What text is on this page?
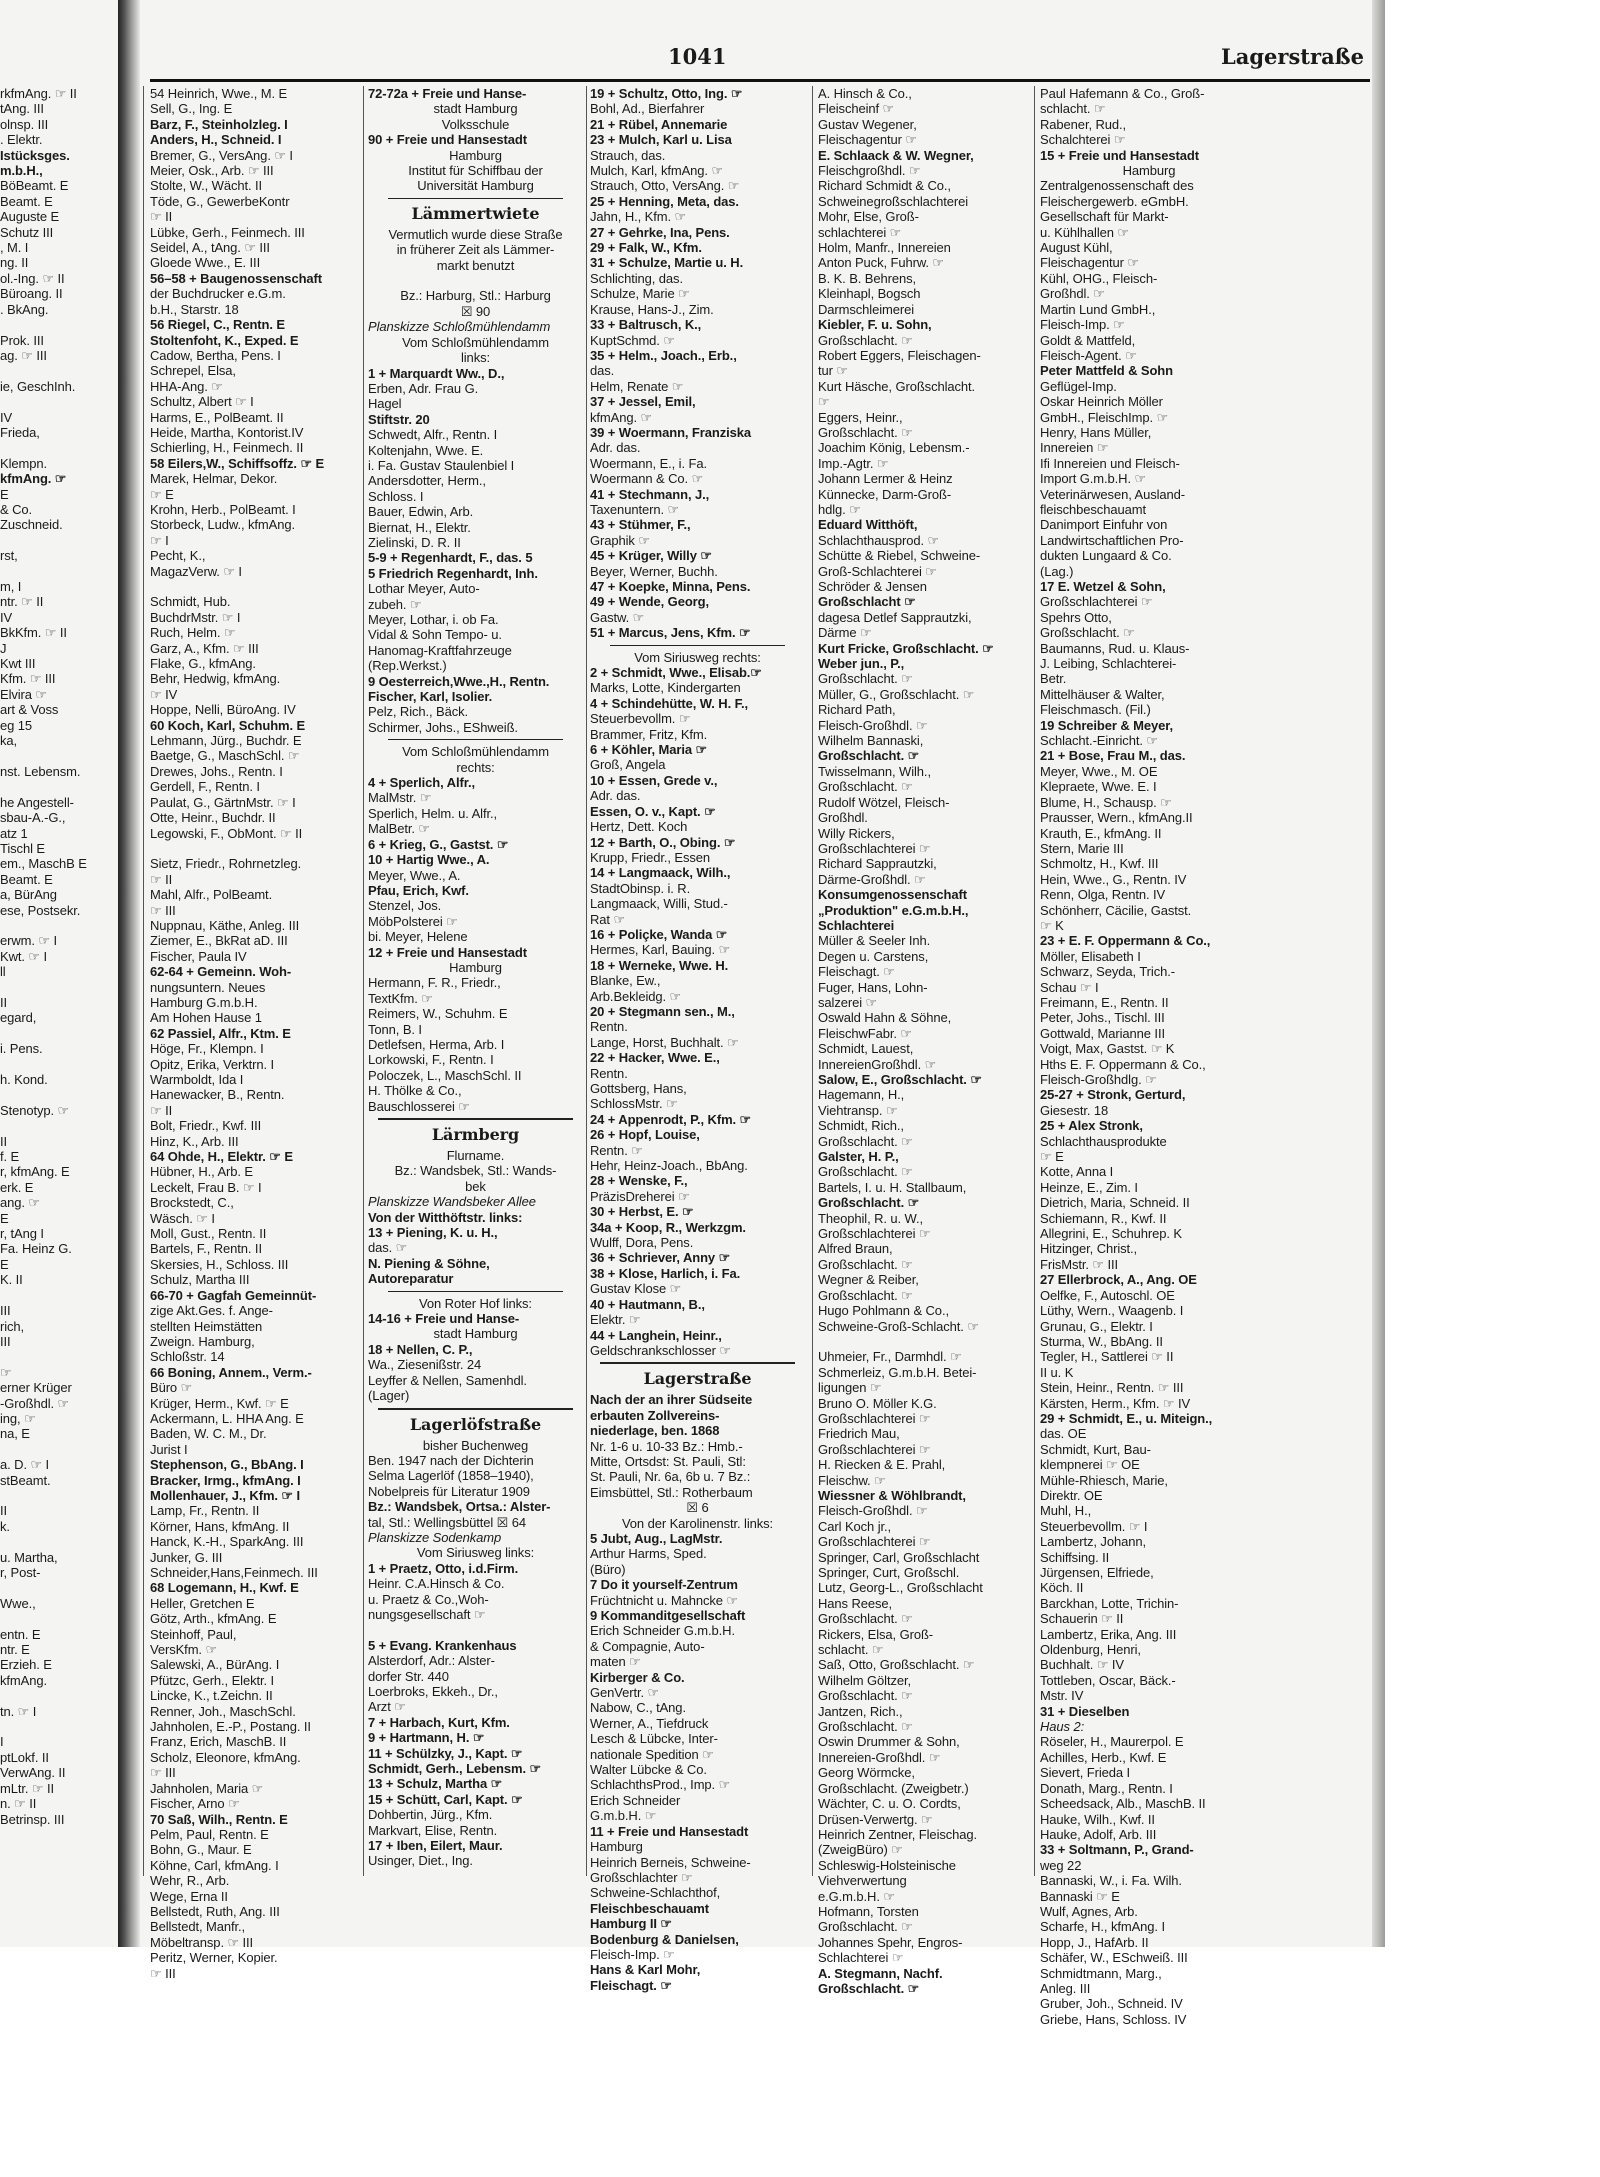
1041	Lagerstraße
rkfmAng. ☞ II
tAng. III
olnsp. III
. Elektr.
Istücksges.
m.b.H.,
BöBeamt. E
Beamt. E
Auguste E
Schutz III
, M. I
ng. II
ol.-Ing. ☞ II
Büroang. II
. BkAng.

Prok. III
ag. ☞ III

ie, GeschInh.

IV
Frieda,

Klempn.
kfmAng. ☞
E
& Co.
Zuschneid.

rst,

m, I
ntr. ☞ II
IV
BkKfm. ☞ II
J
Kwt III
Kfm. ☞ III
Elvira ☞
art & Voss
eg 15
ka,

nst. Lebensm.

he Angestell-
sbau-A.-G.,
atz 1
Tischl E
em., MaschB E
Beamt. E
a, BürAng
ese, Postsekr.

erwm. ☞ I
Kwt. ☞ I
ll

II
egard,

i. Pens.

h. Kond.

Stenotyp. ☞

II
f. E
r, kfmAng. E
erk. E
ang. ☞
E
r, tAng I
Fa. Heinz G.
E
K. II

III
rich,
III

☞
erner Krüger
-Großhdl. ☞
ing, ☞
na, E

a. D. ☞ I
stBeamt.

II
k.

u. Martha,
r, Post-

Wwe.,

entn. E
ntr. E
Erzieh. E
kfmAng.

tn. ☞ I

I
ptLokf. II
VerwAng. II
mLtr. ☞ II
n. ☞ II
Betrinsp. III
54 Heinrich, Wwe., M. E
Sell, G., Ing. E
Barz, F., Steinholzleg. I
Anders, H., Schneid. I
Bremer, G., VersAng. ☞ I
Meier, Osk., Arb. ☞ III
Stolte, W., Wächt. II
Töde, G., GewerbeKontr
☞ II
Lübke, Gerh., Feinmech. III
Seidel, A., tAng. ☞ III
Gloede Wwe., E. III
56–58 + Baugenossenschaft
der Buchdrucker e.G.m.
b.H., Starstr. 18
56 Riegel, C., Rentn. E
Stoltenfoht, K., Exped. E
Cadow, Bertha, Pens. I
Schrepel, Elsa,
HHA-Ang. ☞
Schultz, Albert ☞ I
Harms, E., PolBeamt. II
Heide, Martha, Kontorist.IV
Schierling, H., Feinmech. II
58 Eilers,W., Schiffsoffz. ☞ E
Marek, Helmar, Dekor.
☞ E
Krohn, Herb., PolBeamt. I
Storbeck, Ludw., kfmAng.
☞ I
Pecht, K.,
MagazVerw. ☞ I

Schmidt, Hub.
BuchdrMstr. ☞ I
Ruch, Helm. ☞
Garz, A., Kfm. ☞ III
Flake, G., kfmAng.
Behr, Hedwig, kfmAng.
☞ IV
Hoppe, Nelli, BüroAng. IV
60 Koch, Karl, Schuhm. E
Lehmann, Jürg., Buchdr. E
Baetge, G., MaschSchl. ☞
Drewes, Johs., Rentn. I
Gerdell, F., Rentn. I
Paulat, G., GärtnMstr. ☞ I
Otte, Heinr., Buchdr. II
Legowski, F., ObMont. ☞ II

Sietz, Friedr., Rohrnetzleg.
☞ II
Mahl, Alfr., PolBeamt.
☞ III
Nuppnau, Käthe, Anleg. III
Ziemer, E., BkRat aD. III
Fischer, Paula IV
62-64 + Gemeinn. Woh-
nungsuntern. Neues
Hamburg G.m.b.H.
Am Hohen Hause 1
62 Passiel, Alfr., Ktm. E
Höge, Fr., Klempn. I
Opitz, Erika, Verktrn. I
Warmboldt, Ida I
Hanewacker, B., Rentn.
☞ II
Bolt, Friedr., Kwf. III
Hinz, K., Arb. III
64 Ohde, H., Elektr. ☞ E
Hübner, H., Arb. E
Leckelt, Frau B. ☞ I
Brockstedt, C.,
Wäsch. ☞ I
Moll, Gust., Rentn. II
Bartels, F., Rentn. II
Skersies, H., Schloss. III
Schulz, Martha III
66-70 + Gagfah Gemeinnüt-
zige Akt.Ges. f. Ange-
stellten Heimstätten
Zweign. Hamburg,
Schloßstr. 14
66 Boning, Annem., Verm.-
Büro ☞
Krüger, Herm., Kwf. ☞ E
Ackermann, L. HHA Ang. E
Baden, W. C. M., Dr.
Jurist I
Stephenson, G., BbAng. I
Bracker, Irmg., kfmAng. I
Mollenhauer, J., Kfm. ☞ I
Lamp, Fr., Rentn. II
Körner, Hans, kfmAng. II
Hanck, K.-H., SparkAng. III
Junker, G. III
Schneider,Hans,Feinmech. III
68 Logemann, H., Kwf. E
Heller, Gretchen E
Götz, Arth., kfmAng. E
Steinhoff, Paul,
VersKfm. ☞
Salewski, A., BürAng. I
Pfützc, Gerh., Elektr. I
Lincke, K., t.Zeichn. II
Renner, Joh., MaschSchl.
Jahnholen, E.-P., Postang. II
Franz, Erich, MaschB. II
Scholz, Eleonore, kfmAng.
☞ III
Jahnholen, Maria ☞
Fischer, Arno ☞
70 Saß, Wilh., Rentn. E
Pelm, Paul, Rentn. E
Bohn, G., Maur. E
Köhne, Carl, kfmAng. I
Wehr, R., Arb.
Wege, Erna II
Bellstedt, Ruth, Ang. III
Bellstedt, Manfr.,
Möbeltransp. ☞ III
Peritz, Werner, Kopier.
☞ III
72-72a + Freie und Hanse-
stadt Hamburg
Volksschule
90 + Freie und Hansestadt
Hamburg
Institut für Schiffbau der
Universität Hamburg
Lämmertwiete
Vermutlich wurde diese Straße
in früherer Zeit als Lämmer-
markt benutzt

Bz.: Harburg, Stl.: Harburg
☒ 90
Planskizze Schloßmühlendamm
Vom Schloßmühlendamm
links:
1 + Marquardt Ww., D.,
Erben, Adr. Frau G.
Hagel
Stiftstr. 20
Schwedt, Alfr., Rentn. I
Koltenjahn, Wwe. E.
i. Fa. Gustav Staulenbiel I
Andersdotter, Herm.,
Schloss. I
Bauer, Edwin, Arb.
Biernat, H., Elektr.
Zielinski, D. R. II
5-9 + Regenhardt, F., das. 5
5 Friedrich Regenhardt, Inh.
Lothar Meyer, Auto-
zubeh. ☞
Meyer, Lothar, i. ob Fa.
Vidal & Sohn Tempo- u.
Hanomag-Kraftfahrzeuge
(Rep.Werkst.)
9 Oesterreich,Wwe.,H., Rentn.
Fischer, Karl, Isolier.
Pelz, Rich., Bäck.
Schirmer, Johs., EShweiß.
Vom Schloßmühlendamm
rechts:
4 + Sperlich, Alfr.,
MalMstr. ☞
Sperlich, Helm. u. Alfr.,
MalBetr. ☞
6 + Krieg, G., Gastst. ☞
10 + Hartig Wwe., A.
Meyer, Wwe., A.
Pfau, Erich, Kwf.
Stenzel, Jos.
MöbPolsterei ☞
bi. Meyer, Helene
12 + Freie und Hansestadt
Hamburg
Hermann, F. R., Friedr.,
TextKfm. ☞
Reimers, W., Schuhm. E
Tonn, B. I
Detlefsen, Herma, Arb. I
Lorkowski, F., Rentn. I
Poloczek, L., MaschSchl. II
H. Thölke & Co.,
Bauschlosserei ☞
Lärmberg
Flurname.
Bz.: Wandsbek, Stl.: Wands-
bek
Planskizze Wandsbeker Allee
Von der Witthöftstr. links:
13 + Piening, K. u. H.,
das. ☞
N. Piening & Söhne,
Autoreparatur
Von Roter Hof links:
14-16 + Freie und Hanse-
stadt Hamburg
18 + Nellen, C. P.,
Wa., Ziesenißstr. 24
Leyffer & Nellen, Samenhdl.
(Lager)
Lagerlöfstraße
bisher Buchenweg
Ben. 1947 nach der Dichterin
Selma Lagerlöf (1858–1940),
Nobelpreis für Literatur 1909
Bz.: Wandsbek, Ortsa.: Alster-
tal, Stl.: Wellingsbüttel ☒ 64
Planskizze Sodenkamp
Vom Siriusweg links:
1 + Praetz, Otto, i.d.Firm.
Heinr. C.A.Hinsch & Co.
u. Praetz & Co.,Woh-
nungsgesellschaft ☞

5 + Evang. Krankenhaus
Alsterdorf, Adr.: Alster-
dorfer Str. 440
Loerbroks, Ekkeh., Dr.,
Arzt ☞
7 + Harbach, Kurt, Kfm.
9 + Hartmann, H. ☞
11 + Schülzky, J., Kapt. ☞
Schmidt, Gerh., Lebensm. ☞
13 + Schulz, Martha ☞
15 + Schütt, Carl, Kapt. ☞
Dohbertin, Jürg., Kfm.
Markvart, Elise, Rentn.
17 + Iben, Eilert, Maur.
Usinger, Diet., Ing.
19 + Schultz, Otto, Ing. ☞
Bohl, Ad., Bierfahrer
21 + Rübel, Annemarie
23 + Mulch, Karl u. Lisa
Strauch, das.
Mulch, Karl, kfmAng. ☞
Strauch, Otto, VersAng. ☞
25 + Henning, Meta, das.
Jahn, H., Kfm. ☞
27 + Gehrke, Ina, Pens.
29 + Falk, W., Kfm.
31 + Schulze, Martie u. H.
Schlichting, das.
Schulze, Marie ☞
Krause, Hans-J., Zim.
33 + Baltrusch, K.,
KuptSchmd. ☞
35 + Helm., Joach., Erb.,
das.
Helm, Renate ☞
37 + Jessel, Emil,
kfmAng. ☞
39 + Woermann, Franziska
Adr. das.
Woermann, E., i. Fa.
Woermann & Co. ☞
41 + Stechmann, J.,
Taxenuntern. ☞
43 + Stühmer, F.,
Graphik ☞
45 + Krüger, Willy ☞
Beyer, Werner, Buchh.
47 + Koepke, Minna, Pens.
49 + Wende, Georg,
Gastw. ☞
51 + Marcus, Jens, Kfm. ☞
Vom Siriusweg rechts:
2 + Schmidt, Wwe., Elisab.☞
Marks, Lotte, Kindergarten
4 + Schindehütte, W. H. F.,
Steuerbevollm. ☞
Brammer, Fritz, Kfm.
6 + Köhler, Maria ☞
Groß, Angela
10 + Essen, Grede v.,
Adr. das.
Essen, O. v., Kapt. ☞
Hertz, Dett. Koch
12 + Barth, O., Obing. ☞
Krupp, Friedr., Essen
14 + Langmaack, Wilh.,
StadtObinsp. i. R.
Langmaack, Willi, Stud.-
Rat ☞
16 + Poliçke, Wanda ☞
Hermes, Karl, Bauing. ☞
18 + Werneke, Wwe. H.
Blanke, Ew.,
Arb.Bekleidg. ☞
20 + Stegmann sen., M.,
Rentn.
Lange, Horst, Buchhalt. ☞
22 + Hacker, Wwe. E.,
Rentn.
Gottsberg, Hans,
SchlossMstr. ☞
24 + Appenrodt, P., Kfm. ☞
26 + Hopf, Louise,
Rentn. ☞
Hehr, Heinz-Joach., BbAng.
28 + Wenske, F.,
PräzisDreherei ☞
30 + Herbst, E. ☞
34a + Koop, R., Werkzgm.
Wulff, Dora, Pens.
36 + Schriever, Anny ☞
38 + Klose, Harlich, i. Fa.
Gustav Klose ☞
40 + Hautmann, B.,
Elektr. ☞
44 + Langhein, Heinr.,
Geldschrankschlosser ☞
Lagerstraße
Nach der an ihrer Südseite
erbauten Zollvereins-
niederlage, ben. 1868
Nr. 1-6 u. 10-33 Bz.: Hmb.-
Mitte, Ortsdst: St. Pauli, Stl:
St. Pauli, Nr. 6a, 6b u. 7 Bz.:
Eimsbüttel, Stl.: Rotherbaum
☒ 6
Von der Karolinenstr. links:
5 Jubt, Aug., LagMstr.
Arthur Harms, Sped.
(Büro)
7 Do it yourself-Zentrum
Früchtnicht u. Mahncke ☞
9 Kommanditgesellschaft
Erich Schneider G.m.b.H.
& Compagnie, Auto-
maten ☞
Kirberger & Co.
GenVertr. ☞
Nabow, C., tAng.
Werner, A., Tiefdruck
Lesch & Lübcke, Inter-
nationale Spedition ☞
Walter Lübcke & Co.
SchlachthsProd., Imp. ☞
Erich Schneider
G.m.b.H. ☞
11 + Freie und Hansestadt
Hamburg
Heinrich Berneis, Schweine-
Großschlachter ☞
Schweine-Schlachthof,
Fleischbeschauamt
Hamburg II ☞
Bodenburg & Danielsen,
Fleisch-Imp. ☞
Hans & Karl Mohr,
Fleischagt. ☞
A. Hinsch & Co.,
Fleischeinf ☞
Gustav Wegener,
Fleischagentur ☞
E. Schlaack & W. Wegner,
Fleischgroßhdl. ☞
Richard Schmidt & Co.,
Schweinegroßschlachterei
Mohr, Else, Groß-
schlachterei ☞
Holm, Manfr., Innereien
Anton Puck, Fuhrw. ☞
B. K. B. Behrens,
Kleinhapl, Bogsch
Darmschleimerei
Kiebler, F. u. Sohn,
Großschlacht. ☞
Robert Eggers, Fleischagen-
tur ☞
Kurt Häsche, Großschlacht.
☞
Eggers, Heinr.,
Großschlacht. ☞
Joachim König, Lebensm.-
Imp.-Agtr. ☞
Johann Lermer & Heinz
Künnecke, Darm-Groß-
hdlg. ☞
Eduard Witthöft,
Schlachthausprod. ☞
Schütte & Riebel, Schweine-
Groß-Schlachterei ☞
Schröder & Jensen
Großschlacht ☞
dagesa Detlef Sapprautzki,
Därme ☞
Kurt Fricke, Großschlacht. ☞
Weber jun., P.,
Großschlacht. ☞
Müller, G., Großschlacht. ☞
Richard Path,
Fleisch-Großhdl. ☞
Wilhelm Bannaski,
Großschlacht. ☞
Twisselmann, Wilh.,
Großschlacht. ☞
Rudolf Wötzel, Fleisch-
Großhdl.
Willy Rickers,
Großschlachterei ☞
Richard Sapprautzki,
Därme-Großhdl. ☞
Konsumgenossenschaft
„Produktion" e.G.m.b.H.,
Schlachterei
Müller & Seeler Inh.
Degen u. Carstens,
Fleischagt. ☞
Fuger, Hans, Lohn-
salzerei ☞
Oswald Hahn & Söhne,
FleischwFabr. ☞
Schmidt, Lauest,
InnereienGroßhdl. ☞
Salow, E., Großschlacht. ☞
Hagemann, H.,
Viehtransp. ☞
Schmidt, Rich.,
Großschlacht. ☞
Galster, H. P.,
Großschlacht. ☞
Bartels, I. u. H. Stallbaum,
Großschlacht. ☞
Theophil, R. u. W.,
Großschlachterei ☞
Alfred Braun,
Großschlacht. ☞
Wegner & Reiber,
Großschlacht. ☞
Hugo Pohlmann & Co.,
Schweine-Groß-Schlacht. ☞

Uhmeier, Fr., Darmhdl. ☞
Schmerleiz, G.m.b.H. Betei-
ligungen ☞
Bruno O. Möller K.G.
Großschlachterei ☞
Friedrich Mau,
Großschlachterei ☞
H. Riecken & E. Prahl,
Fleischw. ☞
Wiessner & Wöhlbrandt,
Fleisch-Großhdl. ☞
Carl Koch jr.,
Großschlachterei ☞
Springer, Carl, Großschlacht
Springer, Curt, Großschl.
Lutz, Georg-L., Großschlacht
Hans Reese,
Großschlacht. ☞
Rickers, Elsa, Groß-
schlacht. ☞
Saß, Otto, Großschlacht. ☞
Wilhelm Göltzer,
Großschlacht. ☞
Jantzen, Rich.,
Großschlacht. ☞
Oswin Drummer & Sohn,
Innereien-Großhdl. ☞
Georg Wörmcke,
Großschlacht. (Zweigbetr.)
Wächter, C. u. O. Cordts,
Drüsen-Verwertg. ☞
Heinrich Zentner, Fleischag.
(ZweigBüro) ☞
Schleswig-Holsteinische
Viehverwertung
e.G.m.b.H. ☞
Hofmann, Torsten
Großschlacht. ☞
Johannes Spehr, Engros-
Schlachterei ☞
A. Stegmann, Nachf.
Großschlacht. ☞
Paul Hafemann & Co., Groß-
schlacht. ☞
Rabener, Rud.,
Schalchterei ☞
15 + Freie und Hansestadt
Hamburg
Zentralgenossenschaft des
Fleischergewerb. eGmbH.
Gesellschaft für Markt-
u. Kühlhallen ☞
August Kühl,
Fleischagentur ☞
Kühl, OHG., Fleisch-
Großhdl. ☞
Martin Lund GmbH.,
Fleisch-Imp. ☞
Goldt & Mattfeld,
Fleisch-Agent. ☞
Peter Mattfeld & Sohn
Geflügel-Imp.
Oskar Heinrich Möller
GmbH., FleischImp. ☞
Henry, Hans Müller,
Innereien ☞
Ifi Innereien und Fleisch-
Import G.m.b.H. ☞
Veterinärwesen, Ausland-
fleischbeschauamt
Danimport Einfuhr von
Landwirtschaftlichen Pro-
dukten Lungaard & Co.
(Lag.)
17 E. Wetzel & Sohn,
Großschlachterei ☞
Spehrs Otto,
Großschlacht. ☞
Baumanns, Rud. u. Klaus-
J. Leibing, Schlachterei-
Betr.
Mittelhäuser & Walter,
Fleischmasch. (Fil.)
19 Schreiber & Meyer,
Schlacht.-Einricht. ☞
21 + Bose, Frau M., das.
Meyer, Wwe., M. OE
Klepraete, Wwe. E. I
Blume, H., Schausp. ☞
Prausser, Wern., kfmAng.II
Krauth, E., kfmAng. II
Stern, Marie III
Schmoltz, H., Kwf. III
Hein, Wwe., G., Rentn. IV
Renn, Olga, Rentn. IV
Schönherr, Cäcilie, Gastst.
☞ K
23 + E. F. Oppermann & Co.,
Möller, Elisabeth I
Schwarz, Seyda, Trich.-
Schau ☞ I
Freimann, E., Rentn. II
Peter, Johs., Tischl. III
Gottwald, Marianne III
Voigt, Max, Gastst. ☞ K
Hths E. F. Oppermann & Co.,
Fleisch-Großhdlg. ☞
25-27 + Stronk, Gerturd,
Giesestr. 18
25 + Alex Stronk,
Schlachthausprodukte
☞ E
Kotte, Anna I
Heinze, E., Zim. I
Dietrich, Maria, Schneid. II
Schiemann, R., Kwf. II
Allegrini, E., Schuhrep. K
Hitzinger, Christ.,
FrisMstr. ☞ III
27 Ellerbrock, A., Ang. OE
Oelfke, F., Autoschl. OE
Lüthy, Wern., Waagenb. I
Grunau, G., Elektr. I
Sturma, W., BbAng. II
Tegler, H., Sattlerei ☞ II
II u. K
Stein, Heinr., Rentn. ☞ III
Kärsten, Herm., Kfm. ☞ IV
29 + Schmidt, E., u. Miteign.,
das. OE
Schmidt, Kurt, Bau-
klempnerei ☞ OE
Mühle-Rhiesch, Marie,
Direktr. OE
Muhl, H.,
Steuerbevollm. ☞ I
Lambertz, Johann,
Schiffsing. II
Jürgensen, Elfriede,
Köch. II
Barckhan, Lotte, Trichin-
Schauerin ☞ II
Lambertz, Erika, Ang. III
Oldenburg, Henri,
Buchhalt. ☞ IV
Tottleben, Oscar, Bäck.-
Mstr. IV
31 + Dieselben
Haus 2:
Röseler, H., Maurerpol. E
Achilles, Herb., Kwf. E
Sievert, Frieda I
Donath, Marg., Rentn. I
Scheedsack, Alb., MaschB. II
Hauke, Wilh., Kwf. II
Hauke, Adolf, Arb. III
33 + Soltmann, P., Grand-
weg 22
Bannaski, W., i. Fa. Wilh.
Bannaski ☞ E
Wulf, Agnes, Arb.
Scharfe, H., kfmAng. I
Hopp, J., HafArb. II
Schäfer, W., ESchweiß. III
Schmidtmann, Marg.,
Anleg. III
Gruber, Joh., Schneid. IV
Griebe, Hans, Schloss. IV
